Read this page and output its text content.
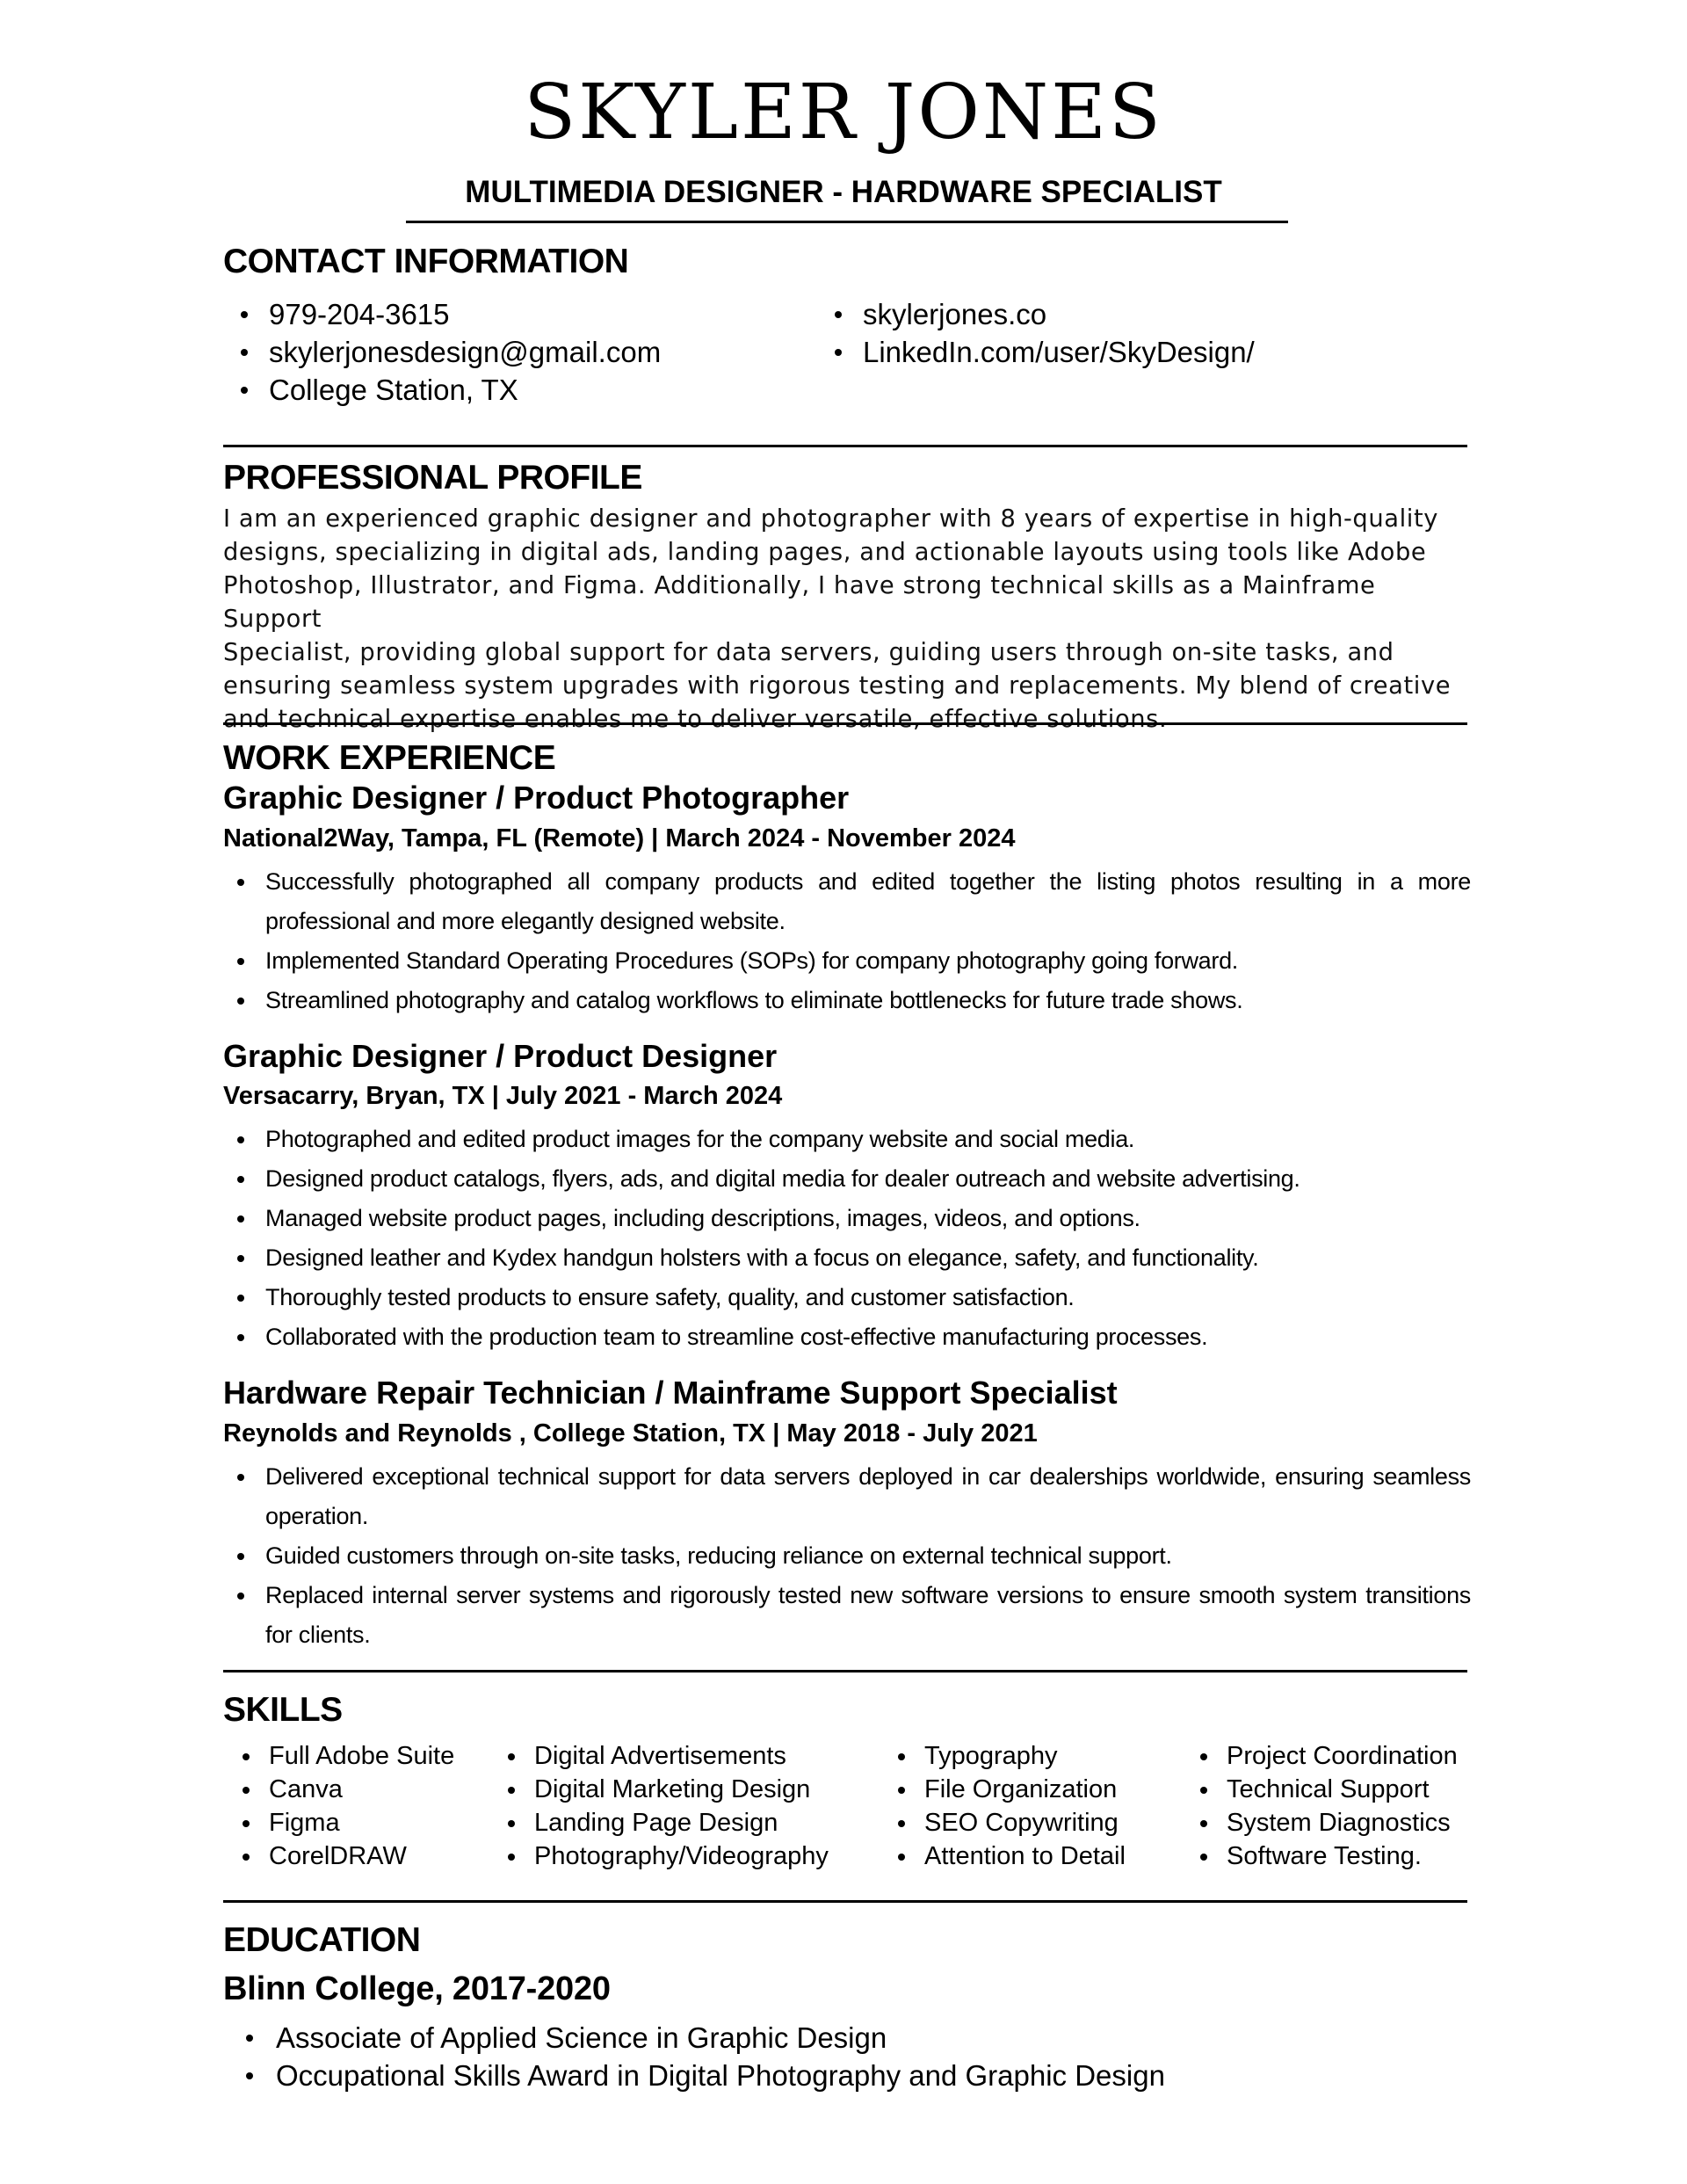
SKYLER JONES
MULTIMEDIA DESIGNER - HARDWARE SPECIALIST
CONTACT INFORMATION
979-204-3615
skylerjonesdesign@gmail.com
College Station, TX
skylerjones.co
LinkedIn.com/user/SkyDesign/
PROFESSIONAL PROFILE
I am an experienced graphic designer and photographer with 8 years of expertise in high-quality
designs, specializing in digital ads, landing pages, and actionable layouts using tools like Adobe
Photoshop, Illustrator, and Figma. Additionally, I have strong technical skills as a Mainframe Support
Specialist, providing global support for data servers, guiding users through on-site tasks, and
ensuring seamless system upgrades with rigorous testing and replacements. My blend of creative
and technical expertise enables me to deliver versatile, effective solutions.
WORK EXPERIENCE
Graphic Designer / Product Photographer
National2Way, Tampa, FL (Remote) | March 2024 - November 2024
Successfully photographed all company products and edited together the listing photos resulting in a more professional and more elegantly designed website.
Implemented Standard Operating Procedures (SOPs) for company photography going forward.
Streamlined photography and catalog workflows to eliminate bottlenecks for future trade shows.
Graphic Designer / Product Designer
Versacarry, Bryan, TX | July 2021 - March 2024
Photographed and edited product images for the company website and social media.
Designed product catalogs, flyers, ads, and digital media for dealer outreach and website advertising.
Managed website product pages, including descriptions, images, videos, and options.
Designed leather and Kydex handgun holsters with a focus on elegance, safety, and functionality.
Thoroughly tested products to ensure safety, quality, and customer satisfaction.
Collaborated with the production team to streamline cost-effective manufacturing processes.
Hardware Repair Technician / Mainframe Support Specialist
Reynolds and Reynolds , College Station, TX | May 2018 - July 2021
Delivered exceptional technical support for data servers deployed in car dealerships worldwide, ensuring seamless operation.
Guided customers through on-site tasks, reducing reliance on external technical support.
Replaced internal server systems and rigorously tested new software versions to ensure smooth system transitions for clients.
SKILLS
Full Adobe Suite
Canva
Figma
CorelDRAW
Digital Advertisements
Digital Marketing Design
Landing Page Design
Photography/Videography
Typography
File Organization
SEO Copywriting
Attention to Detail
Project Coordination
Technical Support
System Diagnostics
Software Testing.
EDUCATION
Blinn College, 2017-2020
Associate of Applied Science in Graphic Design
Occupational Skills Award in Digital Photography and Graphic Design
